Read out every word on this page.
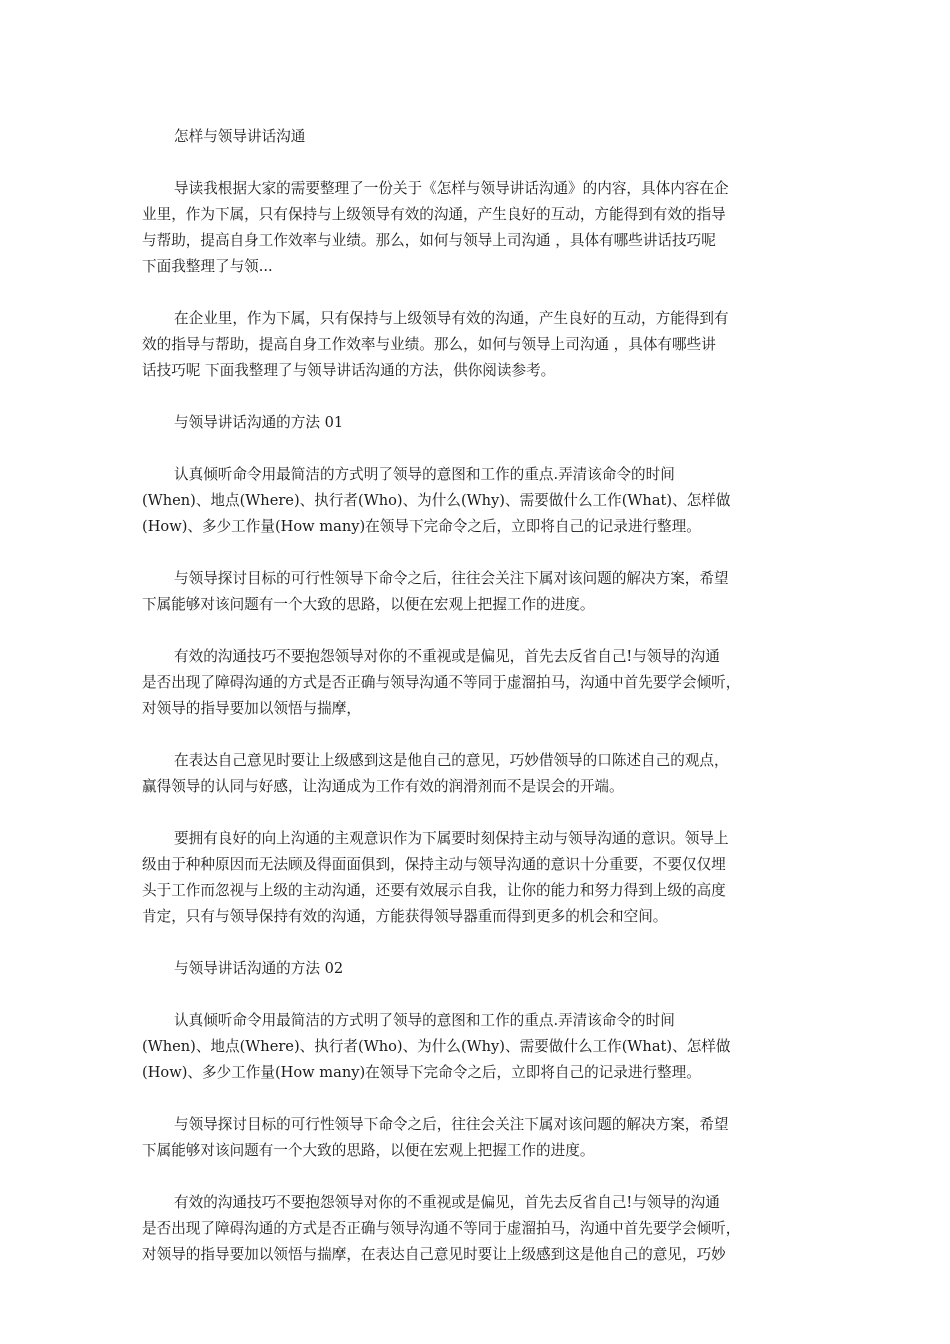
怎样与领导讲话沟通
导读我根据大家的需要整理了一份关于《怎样与领导讲话沟通》的内容，具体内容在企
业里，作为下属，只有保持与上级领导有效的沟通，产生良好的互动，方能得到有效的指导
与帮助，提高自身工作效率与业绩。那么，如何与领导上司沟通 ，具体有哪些讲话技巧呢
下面我整理了与领...
在企业里，作为下属，只有保持与上级领导有效的沟通，产生良好的互动，方能得到有
效的指导与帮助，提高自身工作效率与业绩。那么，如何与领导上司沟通 ，具体有哪些讲
话技巧呢 下面我整理了与领导讲话沟通的方法，供你阅读参考。
与领导讲话沟通的方法 01
认真倾听命令用最简洁的方式明了领导的意图和工作的重点.弄清该命令的时间
(When)、地点(Where)、执行者(Who)、为什么(Why)、需要做什么工作(What)、怎样做
(How)、多少工作量(How many)在领导下完命令之后，立即将自己的记录进行整理。
与领导探讨目标的可行性领导下命令之后，往往会关注下属对该问题的解决方案，希望
下属能够对该问题有一个大致的思路，以便在宏观上把握工作的进度。
有效的沟通技巧不要抱怨领导对你的不重视或是偏见，首先去反省自己!与领导的沟通
是否出现了障碍沟通的方式是否正确与领导沟通不等同于虚溜拍马，沟通中首先要学会倾听，
对领导的指导要加以领悟与揣摩，
在表达自己意见时要让上级感到这是他自己的意见，巧妙借领导的口陈述自己的观点，
赢得领导的认同与好感，让沟通成为工作有效的润滑剂而不是误会的开端。
要拥有良好的向上沟通的主观意识作为下属要时刻保持主动与领导沟通的意识。领导上
级由于种种原因而无法顾及得面面俱到，保持主动与领导沟通的意识十分重要，不要仅仅埋
头于工作而忽视与上级的主动沟通，还要有效展示自我，让你的能力和努力得到上级的高度
肯定，只有与领导保持有效的沟通，方能获得领导器重而得到更多的机会和空间。
与领导讲话沟通的方法 02
认真倾听命令用最简洁的方式明了领导的意图和工作的重点.弄清该命令的时间
(When)、地点(Where)、执行者(Who)、为什么(Why)、需要做什么工作(What)、怎样做
(How)、多少工作量(How many)在领导下完命令之后，立即将自己的记录进行整理。
与领导探讨目标的可行性领导下命令之后，往往会关注下属对该问题的解决方案，希望
下属能够对该问题有一个大致的思路，以便在宏观上把握工作的进度。
有效的沟通技巧不要抱怨领导对你的不重视或是偏见，首先去反省自己!与领导的沟通
是否出现了障碍沟通的方式是否正确与领导沟通不等同于虚溜拍马，沟通中首先要学会倾听，
对领导的指导要加以领悟与揣摩，在表达自己意见时要让上级感到这是他自己的意见，巧妙
